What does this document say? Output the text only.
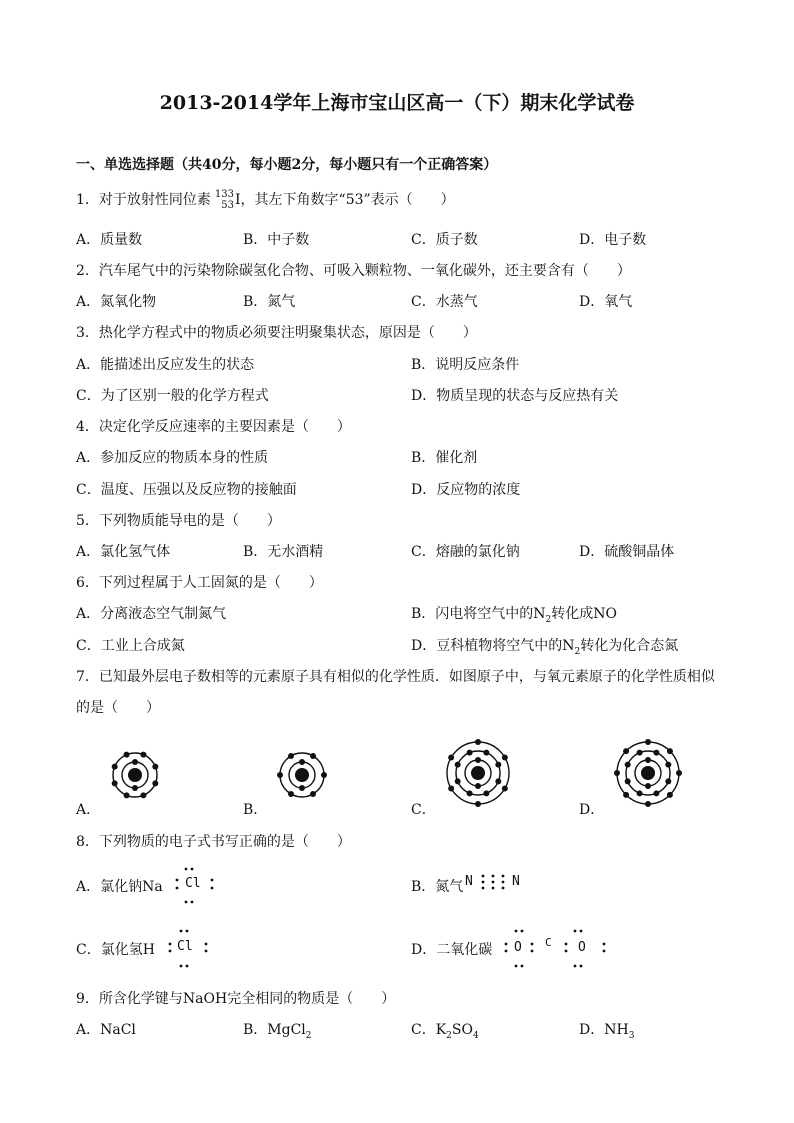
2013-2014学年上海市宝山区高一（下）期末化学试卷
一、单选选择题（共40分，每小题2分，每小题只有一个正确答案）
1．对于放射性同位素 133
53I，其左下角数字“53”表示（　　）
A．质量数	B．中子数	C．质子数	D．电子数
2．汽车尾气中的污染物除碳氢化合物、可吸入颗粒物、一氧化碳外，还主要含有（　　）
A．氮氧化物	B．氮气	C．水蒸气	D．氧气
3．热化学方程式中的物质必须要注明聚集状态，原因是（　　）
A．能描述出反应发生的状态	B．说明反应条件
C．为了区别一般的化学方程式	D．物质呈现的状态与反应热有关
4．决定化学反应速率的主要因素是（　　）
A．参加反应的物质本身的性质	B．催化剂
C．温度、压强以及反应物的接触面	D．反应物的浓度
5．下列物质能导电的是（　　）
A．氯化氢气体	B．无水酒精	C．熔融的氯化钠	D．硫酸铜晶体
6．下列过程属于人工固氮的是（　　）
A．分离液态空气制氮气	B．闪电将空气中的$N_2$转化成NO
C．工业上合成氮	D．豆科植物将空气中的$N_2$转化为化合态氮
7．已知最外层电子数相等的元素原子具有相似的化学性质．如图原子中，与氧元素原子的化学性质相似
的是（　　）
A．	B．	C．	D．
8．下列物质的电子式书写正确的是（　　）
A．氯化钠Na Cl	B．氮气 N	N
C．氯化氢H Cl	D．二氧化碳 O C O
9．所含化学键与NaOH完全相同的物质是（　　）
A．NaCl	B．MgCl$_2$	C．$K_2SO_4$	D．$NH_3$
